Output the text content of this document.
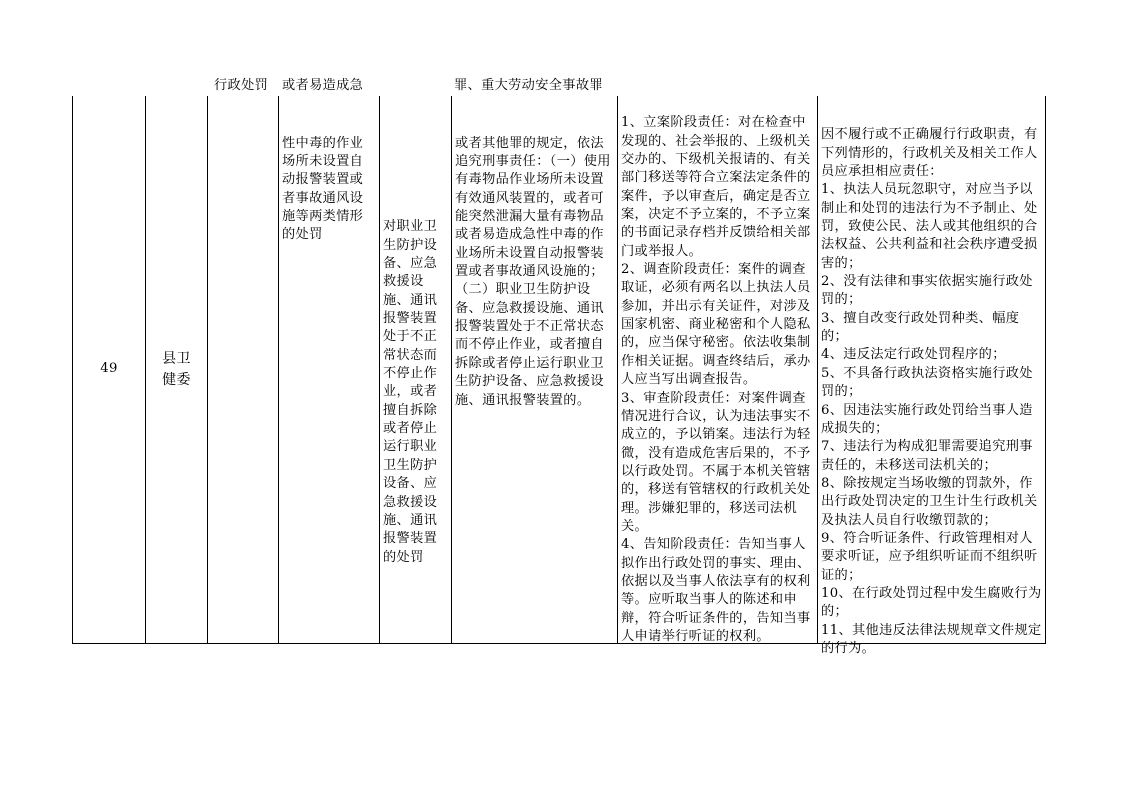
49
县卫健委

行政处罚 或者易造成急

性中毒的作业场所未设置自动报警装置或者事故通风设施等两类情形的处罚

对职业卫生防护设备、应急救援设施、通讯报警装置处于不正常状态而不停止作业，或者擅自拆除或者停止运行职业卫生防护设备、应急救援设施、通讯报警装置的处罚

罪、重大劳动安全事故罪

或者其他罪的规定，依法追究刑事责任：（一）使用有毒物品作业场所未设置有效通风装置的，或者可能突然泄漏大量有毒物品或者易造成急性中毒的作业场所未设置自动报警装置或者事故通风设施的；（二）职业卫生防护设备、应急救援设施、通讯报警装置处于不正常状态而不停止作业，或者擅自拆除或者停止运行职业卫生防护设备、应急救援设施、通讯报警装置的。

1、立案阶段责任：对在检查中发现的、社会举报的、上级机关交办的、下级机关报请的、有关部门移送等符合立案法定条件的案件，予以审查后，确定是否立案，决定不予立案的，不予立案的书面记录存档并反馈给相关部门或举报人。
2、调查阶段责任：案件的调查取证，必须有两名以上执法人员参加，并出示有关证件，对涉及国家机密、商业秘密和个人隐私的，应当保守秘密。依法收集制作相关证据。调查终结后，承办人应当写出调查报告。
3、审查阶段责任：对案件调查情况进行合议，认为违法事实不成立的，予以销案。违法行为轻微，没有造成危害后果的，不予以行政处罚。不属于本机关管辖的，移送有管辖权的行政机关处理。涉嫌犯罪的，移送司法机关。
4、告知阶段责任：告知当事人拟作出行政处罚的事实、理由、依据以及当事人依法享有的权利等。应听取当事人的陈述和申辩，符合听证条件的，告知当事人申请举行听证的权利。

因不履行或不正确履行行政职责，有下列情形的，行政机关及相关工作人员应承担相应责任：
1、执法人员玩忽职守，对应当予以制止和处罚的违法行为不予制止、处罚，致使公民、法人或其他组织的合法权益、公共利益和社会秩序遭受损害的；
2、没有法律和事实依据实施行政处罚的；
3、擅自改变行政处罚种类、幅度的；
4、违反法定行政处罚程序的；
5、不具备行政执法资格实施行政处罚的；
6、因违法实施行政处罚给当事人造成损失的；
7、违法行为构成犯罪需要追究刑事责任的，未移送司法机关的；
8、除按规定当场收缴的罚款外，作出行政处罚决定的卫生计生行政机关及执法人员自行收缴罚款的；
9、符合听证条件、行政管理相对人要求听证，应予组织听证而不组织听证的；
10、在行政处罚过程中发生腐败行为的；
11、其他违反法律法规规章文件规定的行为。
